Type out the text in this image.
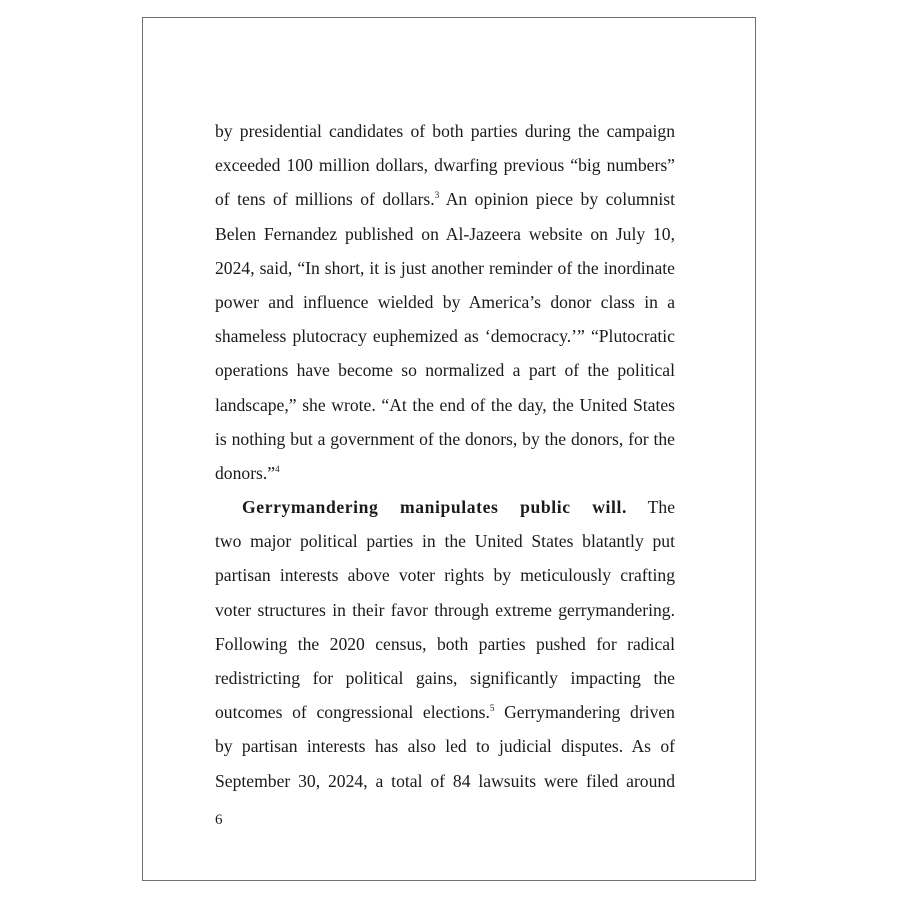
by presidential candidates of both parties during the campaign
exceeded 100 million dollars, dwarfing previous “big numbers”
of tens of millions of dollars.$^3$ An opinion piece by columnist
Belen Fernandez published on Al-Jazeera website on July 10,
2024, said, “In short, it is just another reminder of the inordinate
power and influence wielded by America’s donor class in a
shameless plutocracy euphemized as ‘democracy.’” “Plutocratic
operations have become so normalized a part of the political
landscape,” she wrote. “At the end of the day, the United States
is nothing but a government of the donors, by the donors, for the
donors.”$^4$
Gerrymandering manipulates public will. The
two major political parties in the United States blatantly put
partisan interests above voter rights by meticulously crafting
voter structures in their favor through extreme gerrymandering.
Following the 2020 census, both parties pushed for radical
redistricting for political gains, significantly impacting the
outcomes of congressional elections.$^5$ Gerrymandering driven
by partisan interests has also led to judicial disputes. As of
September 30, 2024, a total of 84 lawsuits were filed around
6
